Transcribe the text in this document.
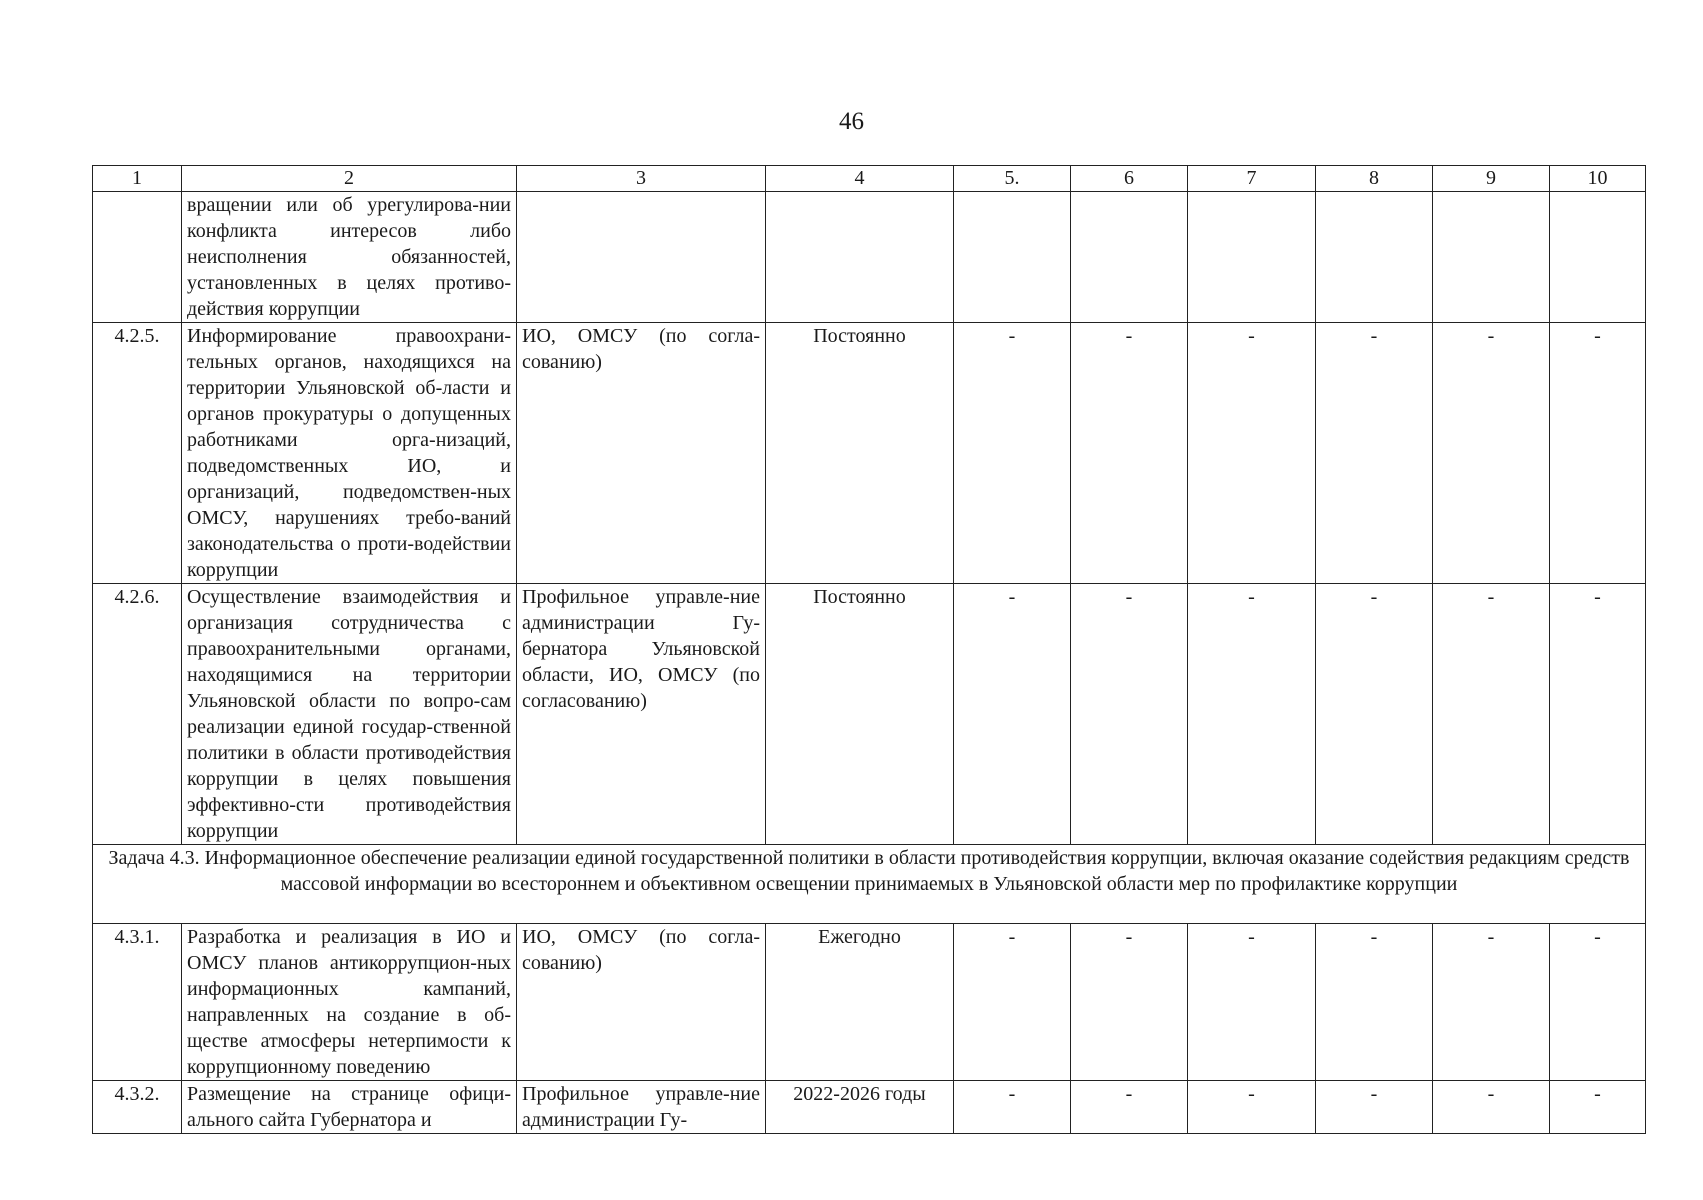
46
1	2	3	4	5.	6	7	8	9	10
	вращении или об урегулирова-нии конфликта интересов либо неисполнения обязанностей, установленных в целях противо-действия коррупции								
4.2.5.	Информирование правоохрани-тельных органов, находящихся на территории Ульяновской об-ласти и органов прокуратуры о допущенных работниками орга-низаций, подведомственных ИО, и организаций, подведомствен-ных ОМСУ, нарушениях требо-ваний законодательства о проти-водействии коррупции	ИО, ОМСУ (по согла-сованию)	Постоянно	-	-	-	-	-	-
4.2.6.	Осуществление взаимодействия и организация сотрудничества с правоохранительными органами, находящимися на территории Ульяновской области по вопро-сам реализации единой государ-ственной политики в области противодействия коррупции в целях повышения эффективно-сти противодействия коррупции	Профильное управле-ние администрации Гу-бернатора Ульяновской области, ИО, ОМСУ (по согласованию)	Постоянно	-	-	-	-	-	-
Задача 4.3. Информационное обеспечение реализации единой государственной политики в области противодействия коррупции, включая оказание содействия редакциям средств массовой информации во всестороннем и объективном освещении принимаемых в Ульяновской области мер по профилактике коррупции									
4.3.1.	Разработка и реализация в ИО и ОМСУ планов антикоррупцион-ных информационных кампаний, направленных на создание в об-ществе атмосферы нетерпимости к коррупционному поведению	ИО, ОМСУ (по согла-сованию)	Ежегодно	-	-	-	-	-	-
4.3.2.	Размещение на странице офици-ального сайта Губернатора и	Профильное управле-ние администрации Гу-	2022-2026 годы	-	-	-	-	-	-
